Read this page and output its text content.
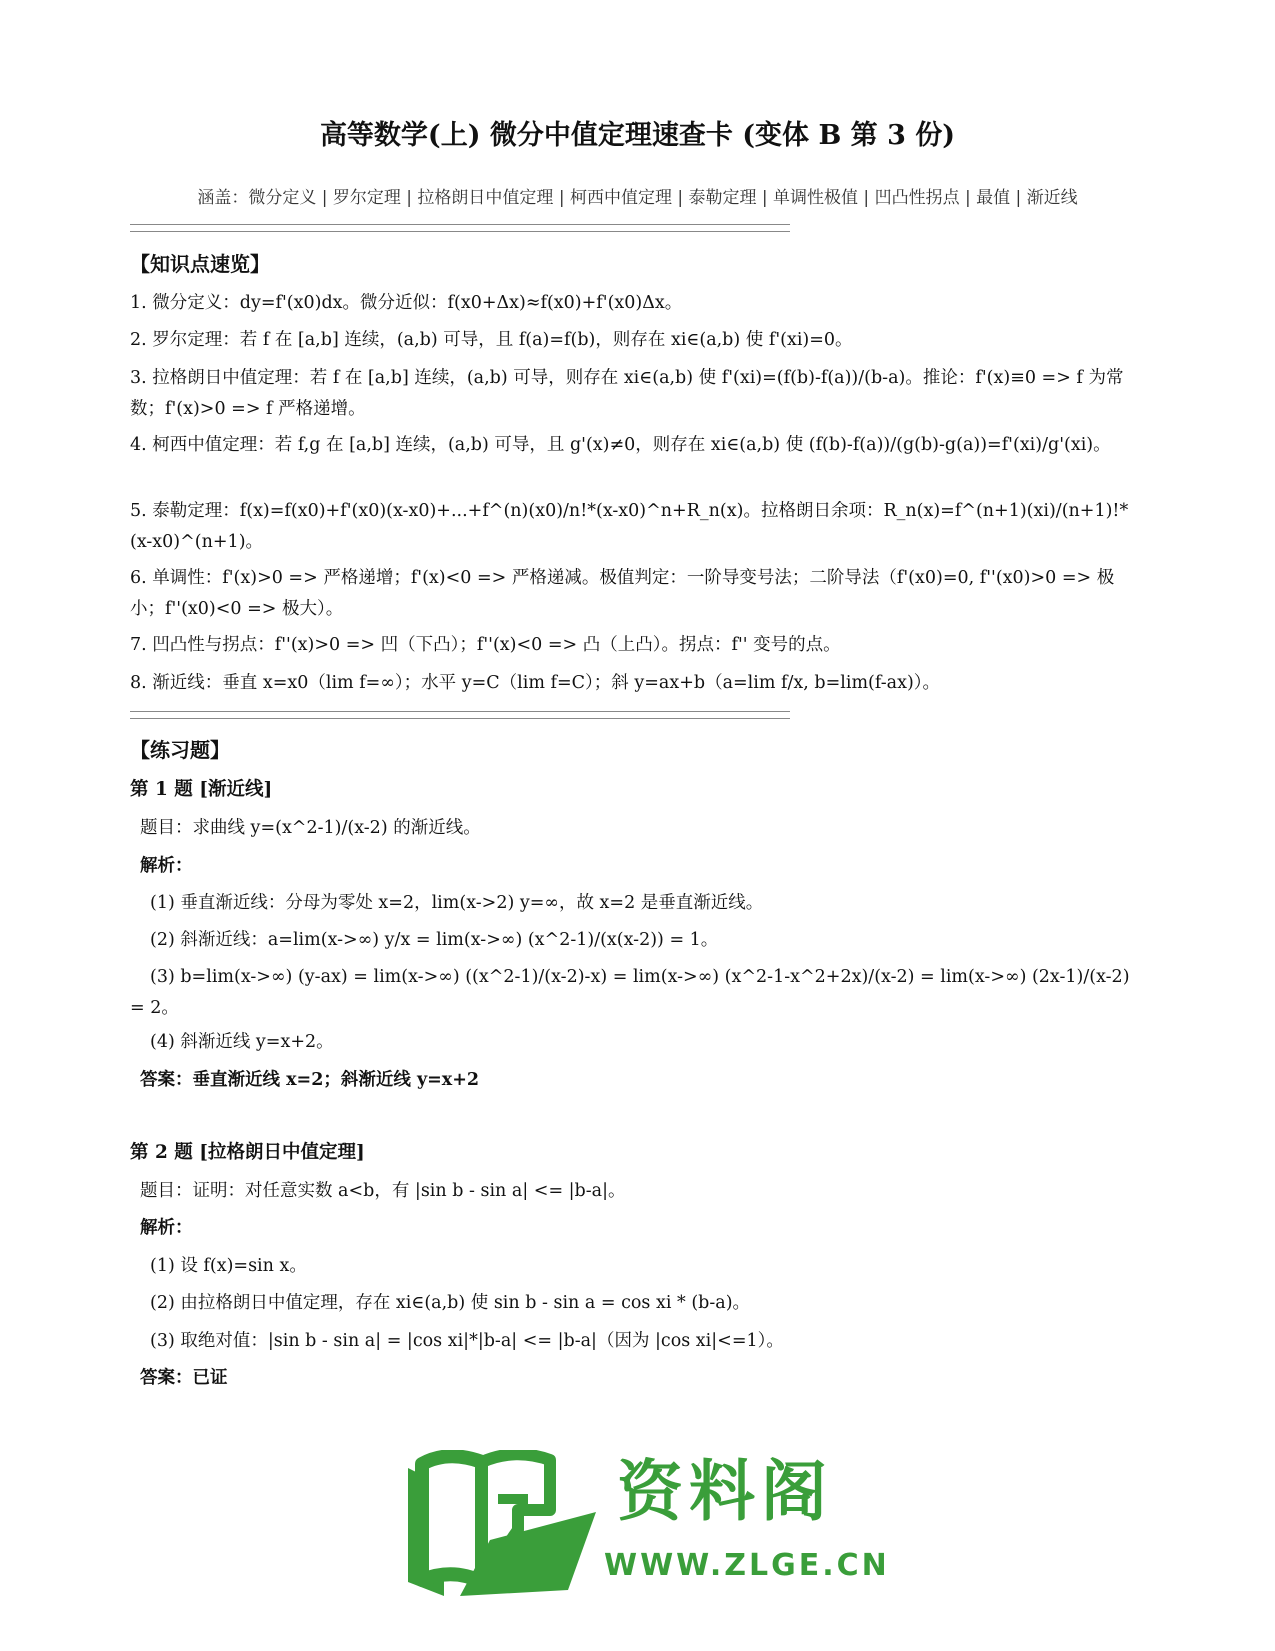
高等数学(上) 微分中值定理速查卡 (变体 B 第 3 份)
涵盖：微分定义 | 罗尔定理 | 拉格朗日中值定理 | 柯西中值定理 | 泰勒定理 | 单调性极值 | 凹凸性拐点 | 最值 | 渐近线
【知识点速览】
1. 微分定义：dy=f'(x0)dx。微分近似：f(x0+Δx)≈f(x0)+f'(x0)Δx。
2. 罗尔定理：若 f 在 [a,b] 连续，(a,b) 可导，且 f(a)=f(b)，则存在 xi∈(a,b) 使 f'(xi)=0。
3. 拉格朗日中值定理：若 f 在 [a,b] 连续，(a,b) 可导，则存在 xi∈(a,b) 使 f'(xi)=(f(b)-f(a))/(b-a)。推论：f'(x)≡0 => f 为常数；f'(x)>0 => f 严格递增。
4. 柯西中值定理：若 f,g 在 [a,b] 连续，(a,b) 可导，且 g'(x)≠0，则存在 xi∈(a,b) 使 (f(b)-f(a))/(g(b)-g(a))=f'(xi)/g'(xi)。
5. 泰勒定理：f(x)=f(x0)+f'(x0)(x-x0)+...+f^(n)(x0)/n!*(x-x0)^n+R_n(x)。拉格朗日余项：R_n(x)=f^(n+1)(xi)/(n+1)!*(x-x0)^(n+1)。
6. 单调性：f'(x)>0 => 严格递增；f'(x)<0 => 严格递减。极值判定：一阶导变号法；二阶导法（f'(x0)=0, f''(x0)>0 => 极小；f''(x0)<0 => 极大）。
7. 凹凸性与拐点：f''(x)>0 => 凹（下凸）；f''(x)<0 => 凸（上凸）。拐点：f'' 变号的点。
8. 渐近线：垂直 x=x0（lim f=∞）；水平 y=C（lim f=C）；斜 y=ax+b（a=lim f/x, b=lim(f-ax)）。
【练习题】
第 1 题 [渐近线]
题目：求曲线 y=(x^2-1)/(x-2) 的渐近线。
解析：
(1) 垂直渐近线：分母为零处 x=2，lim(x->2) y=∞，故 x=2 是垂直渐近线。
(2) 斜渐近线：a=lim(x->∞) y/x = lim(x->∞) (x^2-1)/(x(x-2)) = 1。
(3) b=lim(x->∞) (y-ax) = lim(x->∞) ((x^2-1)/(x-2)-x) = lim(x->∞) (x^2-1-x^2+2x)/(x-2) = lim(x->∞) (2x-1)/(x-2) = 2。
(4) 斜渐近线 y=x+2。
答案：垂直渐近线 x=2；斜渐近线 y=x+2
第 2 题 [拉格朗日中值定理]
题目：证明：对任意实数 a<b，有 |sin b - sin a| <= |b-a|。
解析：
(1) 设 f(x)=sin x。
(2) 由拉格朗日中值定理，存在 xi∈(a,b) 使 sin b - sin a = cos xi * (b-a)。
(3) 取绝对值：|sin b - sin a| = |cos xi|*|b-a| <= |b-a|（因为 |cos xi|<=1）。
答案：已证
资料阁
WWW.ZLGE.CN
